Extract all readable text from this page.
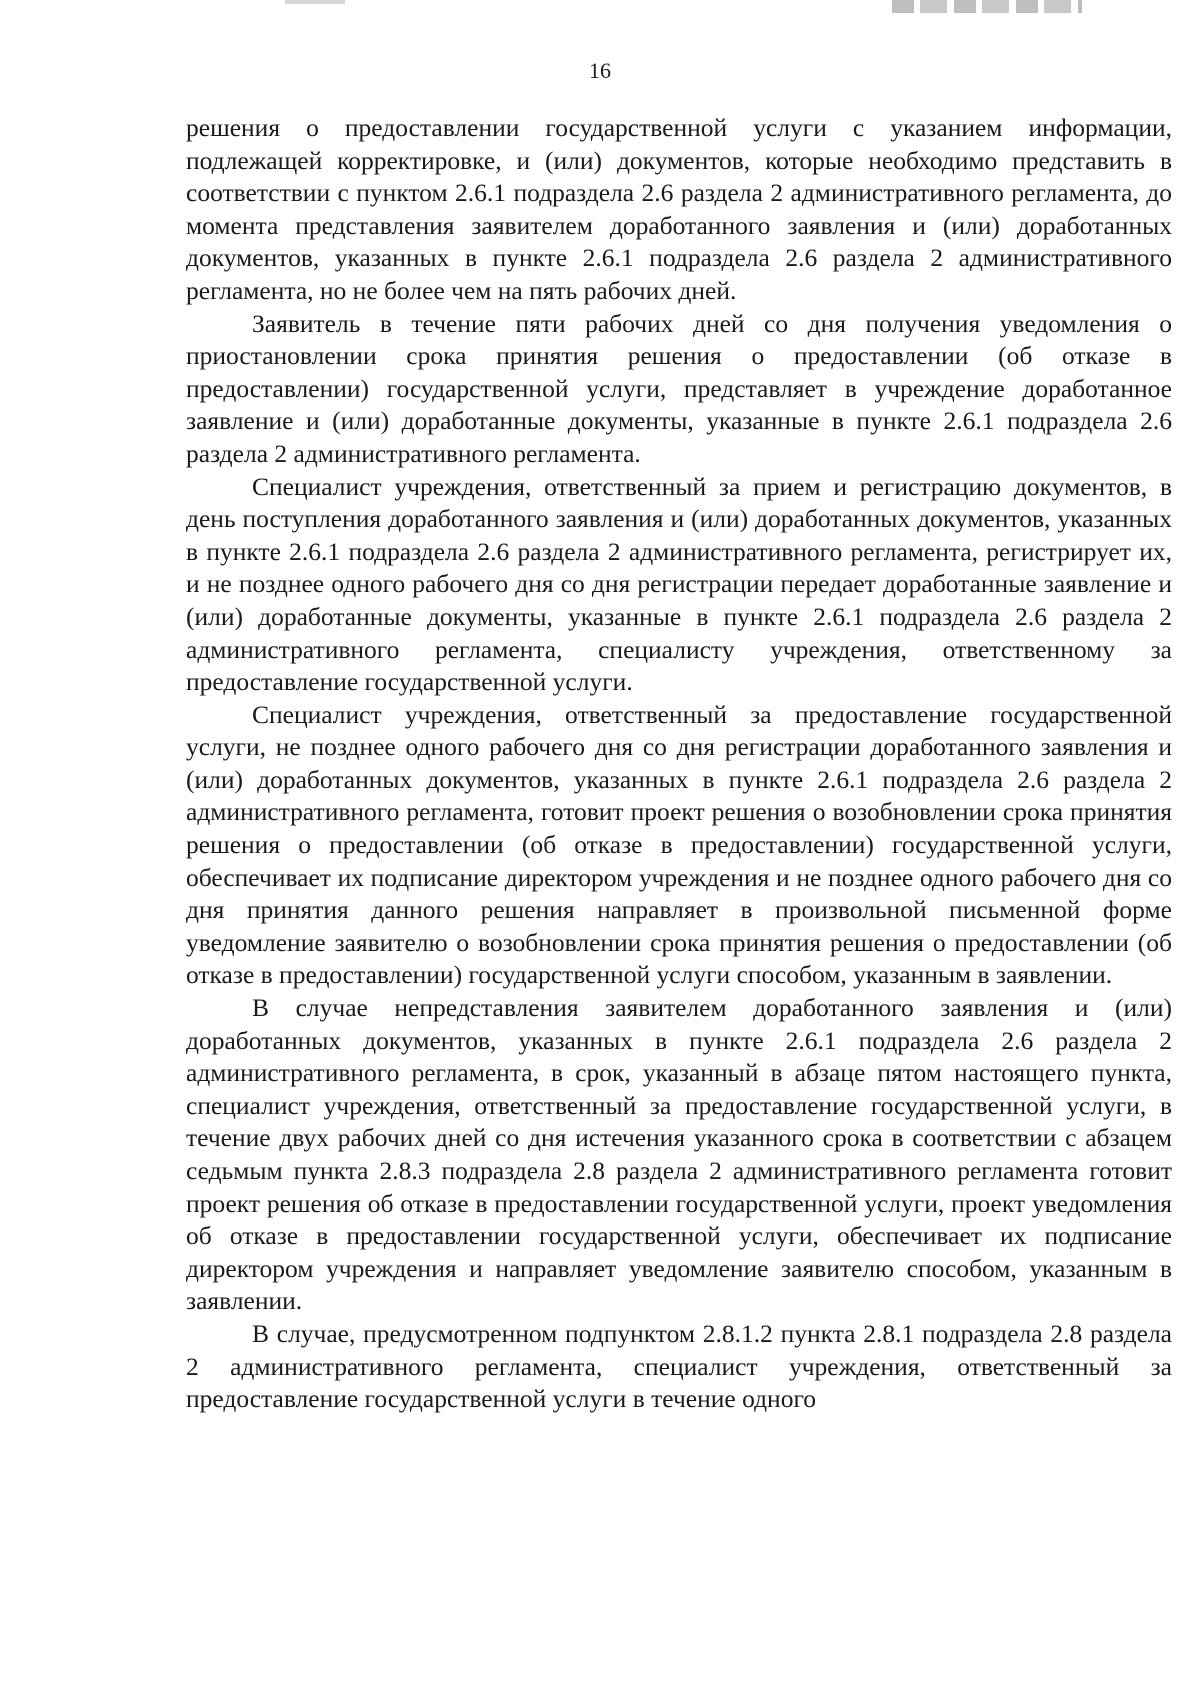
16

решения о предоставлении государственной услуги с указанием информации, подлежащей корректировке, и (или) документов, которые необходимо представить в соответствии с пунктом 2.6.1 подраздела 2.6 раздела 2 административного регламента, до момента представления заявителем доработанного заявления и (или) доработанных документов, указанных в пункте 2.6.1 подраздела 2.6 раздела 2 административного регламента, но не более чем на пять рабочих дней.

Заявитель в течение пяти рабочих дней со дня получения уведомления о приостановлении срока принятия решения о предоставлении (об отказе в предоставлении) государственной услуги, представляет в учреждение доработанное заявление и (или) доработанные документы, указанные в пункте 2.6.1 подраздела 2.6 раздела 2 административного регламента.

Специалист учреждения, ответственный за прием и регистрацию документов, в день поступления доработанного заявления и (или) доработанных документов, указанных в пункте 2.6.1 подраздела 2.6 раздела 2 административного регламента, регистрирует их, и не позднее одного рабочего дня со дня регистрации передает доработанные заявление и (или) доработанные документы, указанные в пункте 2.6.1 подраздела 2.6 раздела 2 административного регламента, специалисту учреждения, ответственному за предоставление государственной услуги.

Специалист учреждения, ответственный за предоставление государственной услуги, не позднее одного рабочего дня со дня регистрации доработанного заявления и (или) доработанных документов, указанных в пункте 2.6.1 подраздела 2.6 раздела 2 административного регламента, готовит проект решения о возобновлении срока принятия решения о предоставлении (об отказе в предоставлении) государственной услуги, обеспечивает их подписание директором учреждения и не позднее одного рабочего дня со дня принятия данного решения направляет в произвольной письменной форме уведомление заявителю о возобновлении срока принятия решения о предоставлении (об отказе в предоставлении) государственной услуги способом, указанным в заявлении.

В случае непредставления заявителем доработанного заявления и (или) доработанных документов, указанных в пункте 2.6.1 подраздела 2.6 раздела 2 административного регламента, в срок, указанный в абзаце пятом настоящего пункта, специалист учреждения, ответственный за предоставление государственной услуги, в течение двух рабочих дней со дня истечения указанного срока в соответствии с абзацем седьмым пункта 2.8.3 подраздела 2.8 раздела 2 административного регламента готовит проект решения об отказе в предоставлении государственной услуги, проект уведомления об отказе в предоставлении государственной услуги, обеспечивает их подписание директором учреждения и направляет уведомление заявителю способом, указанным в заявлении.

В случае, предусмотренном подпунктом 2.8.1.2 пункта 2.8.1 подраздела 2.8 раздела 2 административного регламента, специалист учреждения, ответственный за предоставление государственной услуги в течение одного
